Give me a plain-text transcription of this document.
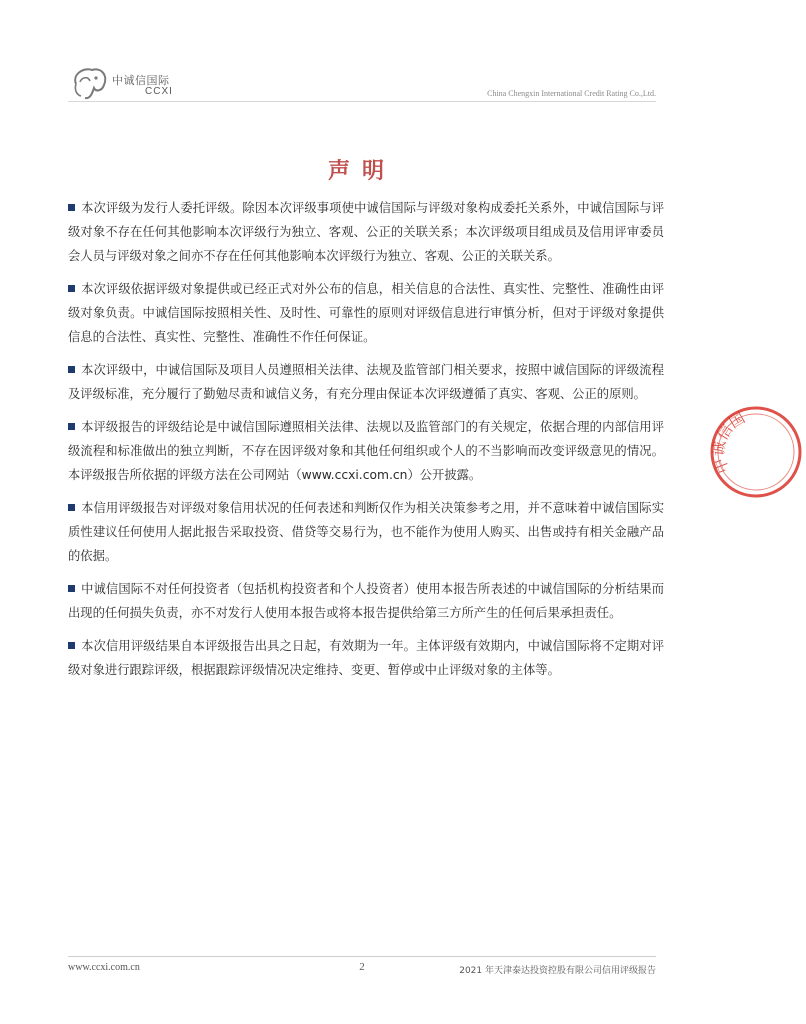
中诚信国际
CCXI	China Chengxin International Credit Rating Co.,Ltd.
声明

本次评级为发行人委托评级。除因本次评级事项使中诚信国际与评级对象构成委托关系外，中诚信国际与评级对象不存在任何其他影响本次评级行为独立、客观、公正的关联关系；本次评级项目组成员及信用评审委员会人员与评级对象之间亦不存在任何其他影响本次评级行为独立、客观、公正的关联关系。

本次评级依据评级对象提供或已经正式对外公布的信息，相关信息的合法性、真实性、完整性、准确性由评级对象负责。中诚信国际按照相关性、及时性、可靠性的原则对评级信息进行审慎分析，但对于评级对象提供信息的合法性、真实性、完整性、准确性不作任何保证。

本次评级中，中诚信国际及项目人员遵照相关法律、法规及监管部门相关要求，按照中诚信国际的评级流程及评级标准，充分履行了勤勉尽责和诚信义务，有充分理由保证本次评级遵循了真实、客观、公正的原则。

本评级报告的评级结论是中诚信国际遵照相关法律、法规以及监管部门的有关规定，依据合理的内部信用评级流程和标准做出的独立判断，不存在因评级对象和其他任何组织或个人的不当影响而改变评级意见的情况。本评级报告所依据的评级方法在公司网站（www.ccxi.com.cn）公开披露。

本信用评级报告对评级对象信用状况的任何表述和判断仅作为相关决策参考之用，并不意味着中诚信国际实质性建议任何使用人据此报告采取投资、借贷等交易行为，也不能作为使用人购买、出售或持有相关金融产品的依据。

中诚信国际不对任何投资者（包括机构投资者和个人投资者）使用本报告所表述的中诚信国际的分析结果而出现的任何损失负责，亦不对发行人使用本报告或将本报告提供给第三方所产生的任何后果承担责任。

本次信用评级结果自本评级报告出具之日起，有效期为一年。主体评级有效期内，中诚信国际将不定期对评级对象进行跟踪评级，根据跟踪评级情况决定维持、变更、暂停或中止评级对象的主体等。

中诚信国
www.ccxi.com.cn	2	2021 年天津泰达投资控股有限公司信用评级报告
